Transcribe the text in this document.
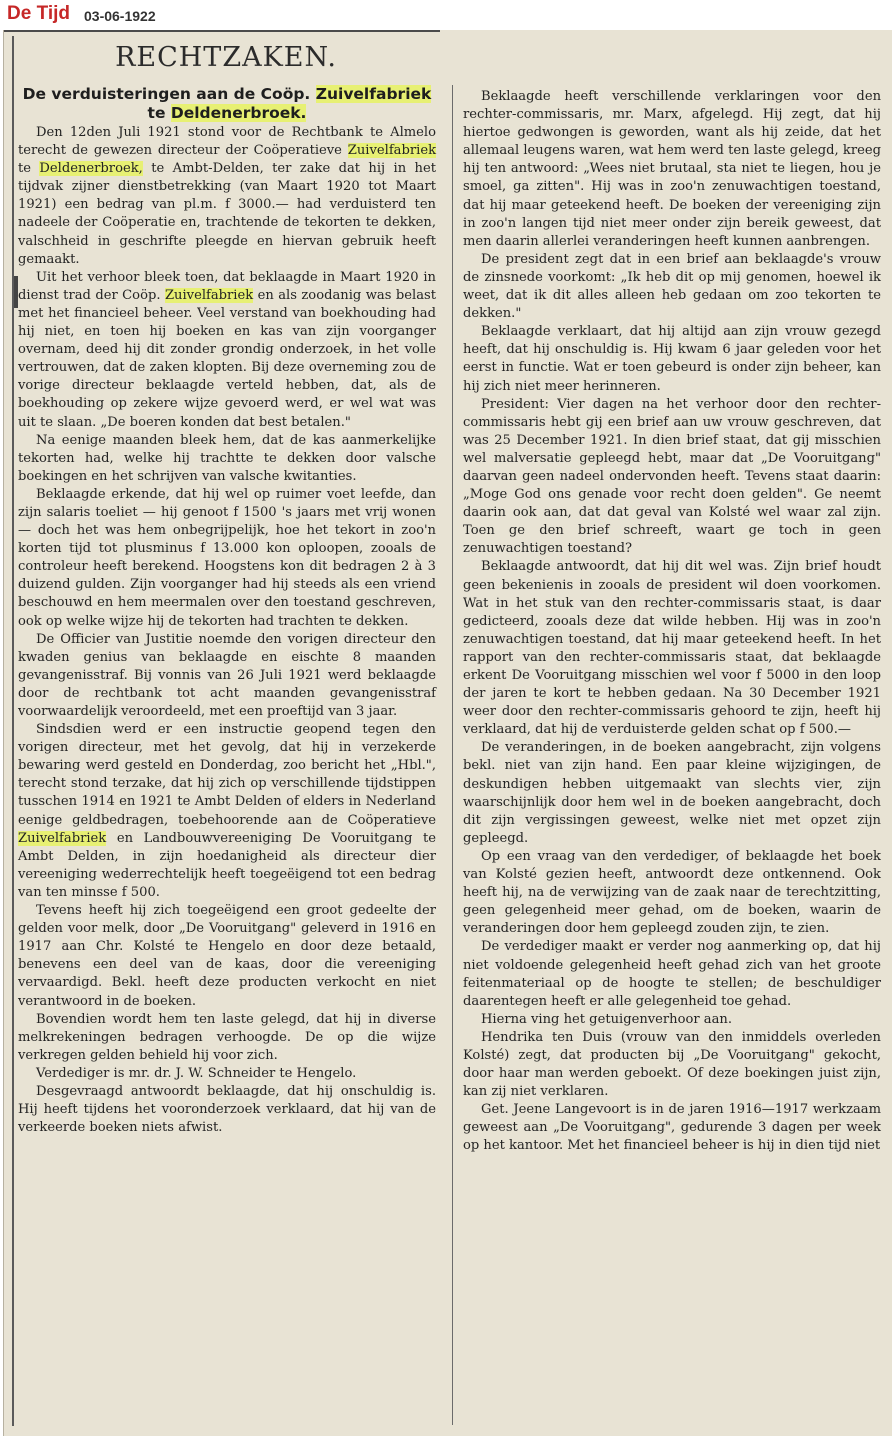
De Tijd 03-06-1922
RECHTZAKEN.
De verduisteringen aan de Coöp. Zuivelfabriek
te Deldenerbroek.

Den 12den Juli 1921 stond voor de Rechtbank te Almelo terecht de gewezen directeur der Coöperatieve Zuivelfabriek te Deldenerbroek, te Ambt-Delden, ter zake dat hij in het tijdvak zijner dienstbetrekking (van Maart 1920 tot Maart 1921) een bedrag van pl.m. f 3000.— had verduisterd ten nadeele der Coöperatie en, trachtende de tekorten te dekken, valschheid in geschrifte pleegde en hiervan gebruik heeft gemaakt.

Uit het verhoor bleek toen, dat beklaagde in Maart 1920 in dienst trad der Coöp. Zuivelfabriek en als zoodanig was belast met het financieel beheer. Veel verstand van boekhouding had hij niet, en toen hij boeken en kas van zijn voorganger overnam, deed hij dit zonder grondig onderzoek, in het volle vertrouwen, dat de zaken klopten. Bij deze overneming zou de vorige directeur beklaagde verteld hebben, dat, als de boekhouding op zekere wijze gevoerd werd, er wel wat was uit te slaan. „De boeren konden dat best betalen."

Na eenige maanden bleek hem, dat de kas aanmerkelijke tekorten had, welke hij trachtte te dekken door valsche boekingen en het schrijven van valsche kwitanties.

Beklaagde erkende, dat hij wel op ruimer voet leefde, dan zijn salaris toeliet — hij genoot f 1500 's jaars met vrij wonen — doch het was hem onbegrijpelijk, hoe het tekort in zoo'n korten tijd tot plusminus f 13.000 kon oploopen, zooals de controleur heeft berekend. Hoogstens kon dit bedragen 2 à 3 duizend gulden. Zijn voorganger had hij steeds als een vriend beschouwd en hem meermalen over den toestand geschreven, ook op welke wijze hij de tekorten had trachten te dekken.

De Officier van Justitie noemde den vorigen directeur den kwaden genius van beklaagde en eischte 8 maanden gevangenisstraf. Bij vonnis van 26 Juli 1921 werd beklaagde door de rechtbank tot acht maanden gevangenisstraf voorwaardelijk veroordeeld, met een proeftijd van 3 jaar.

Sindsdien werd er een instructie geopend tegen den vorigen directeur, met het gevolg, dat hij in verzekerde bewaring werd gesteld en Donderdag, zoo bericht het „Hbl.", terecht stond terzake, dat hij zich op verschillende tijdstippen tusschen 1914 en 1921 te Ambt Delden of elders in Nederland eenige geldbedragen, toebehoorende aan de Coöperatieve Zuivelfabriek en Landbouwvereeniging De Vooruitgang te Ambt Delden, in zijn hoedanigheid als directeur dier vereeniging wederrechtelijk heeft toegeëigend tot een bedrag van ten minsse f 500.

Tevens heeft hij zich toegeëigend een groot gedeelte der gelden voor melk, door „De Vooruitgang" geleverd in 1916 en 1917 aan Chr. Kolsté te Hengelo en door deze betaald, benevens een deel van de kaas, door die vereeniging vervaardigd. Bekl. heeft deze producten verkocht en niet verantwoord in de boeken.

Bovendien wordt hem ten laste gelegd, dat hij in diverse melkrekeningen bedragen verhoogde. De op die wijze verkregen gelden behield hij voor zich.

Verdediger is mr. dr. J. W. Schneider te Hengelo.

Desgevraagd antwoordt beklaagde, dat hij onschuldig is. Hij heeft tijdens het vooronderzoek verklaard, dat hij van de verkeerde boeken niets afwist.

Beklaagde heeft verschillende verklaringen voor den rechter-commissaris, mr. Marx, afgelegd. Hij zegt, dat hij hiertoe gedwongen is geworden, want als hij zeide, dat het allemaal leugens waren, wat hem werd ten laste gelegd, kreeg hij ten antwoord: „Wees niet brutaal, sta niet te liegen, hou je smoel, ga zitten". Hij was in zoo'n zenuwachtigen toestand, dat hij maar geteekend heeft. De boeken der vereeniging zijn in zoo'n langen tijd niet meer onder zijn bereik geweest, dat men daarin allerlei veranderingen heeft kunnen aanbrengen.

De president zegt dat in een brief aan beklaagde's vrouw de zinsnede voorkomt: „Ik heb dit op mij genomen, hoewel ik weet, dat ik dit alles alleen heb gedaan om zoo tekorten te dekken."

Beklaagde verklaart, dat hij altijd aan zijn vrouw gezegd heeft, dat hij onschuldig is. Hij kwam 6 jaar geleden voor het eerst in functie. Wat er toen gebeurd is onder zijn beheer, kan hij zich niet meer herinneren.

President: Vier dagen na het verhoor door den rechter-commissaris hebt gij een brief aan uw vrouw geschreven, dat was 25 December 1921. In dien brief staat, dat gij misschien wel malversatie gepleegd hebt, maar dat „De Vooruitgang" daarvan geen nadeel ondervonden heeft. Tevens staat daarin: „Moge God ons genade voor recht doen gelden". Ge neemt daarin ook aan, dat dat geval van Kolsté wel waar zal zijn. Toen ge den brief schreeft, waart ge toch in geen zenuwachtigen toestand?

Beklaagde antwoordt, dat hij dit wel was. Zijn brief houdt geen bekenienis in zooals de president wil doen voorkomen. Wat in het stuk van den rechter-commissaris staat, is daar gedicteerd, zooals deze dat wilde hebben. Hij was in zoo'n zenuwachtigen toestand, dat hij maar geteekend heeft. In het rapport van den rechter-commissaris staat, dat beklaagde erkent De Vooruitgang misschien wel voor f 5000 in den loop der jaren te kort te hebben gedaan. Na 30 December 1921 weer door den rechter-commissaris gehoord te zijn, heeft hij verklaard, dat hij de verduisterde gelden schat op f 500.—

De veranderingen, in de boeken aangebracht, zijn volgens bekl. niet van zijn hand. Een paar kleine wijzigingen, de deskundigen hebben uitgemaakt van slechts vier, zijn waarschijnlijk door hem wel in de boeken aangebracht, doch dit zijn vergissingen geweest, welke niet met opzet zijn gepleegd.

Op een vraag van den verdediger, of beklaagde het boek van Kolsté gezien heeft, antwoordt deze ontkennend. Ook heeft hij, na de verwijzing van de zaak naar de terechtzitting, geen gelegenheid meer gehad, om de boeken, waarin de veranderingen door hem gepleegd zouden zijn, te zien.

De verdediger maakt er verder nog aanmerking op, dat hij niet voldoende gelegenheid heeft gehad zich van het groote feitenmateriaal op de hoogte te stellen; de beschuldiger daarentegen heeft er alle gelegenheid toe gehad.

Hierna ving het getuigenverhoor aan.

Hendrika ten Duis (vrouw van den inmiddels overleden Kolsté) zegt, dat producten bij „De Vooruitgang" gekocht, door haar man werden geboekt. Of deze boekingen juist zijn, kan zij niet verklaren.

Get. Jeene Langevoort is in de jaren 1916—1917 werkzaam geweest aan „De Vooruitgang", gedurende 3 dagen per week op het kantoor. Met het financieel beheer is hij in dien tijd niet
